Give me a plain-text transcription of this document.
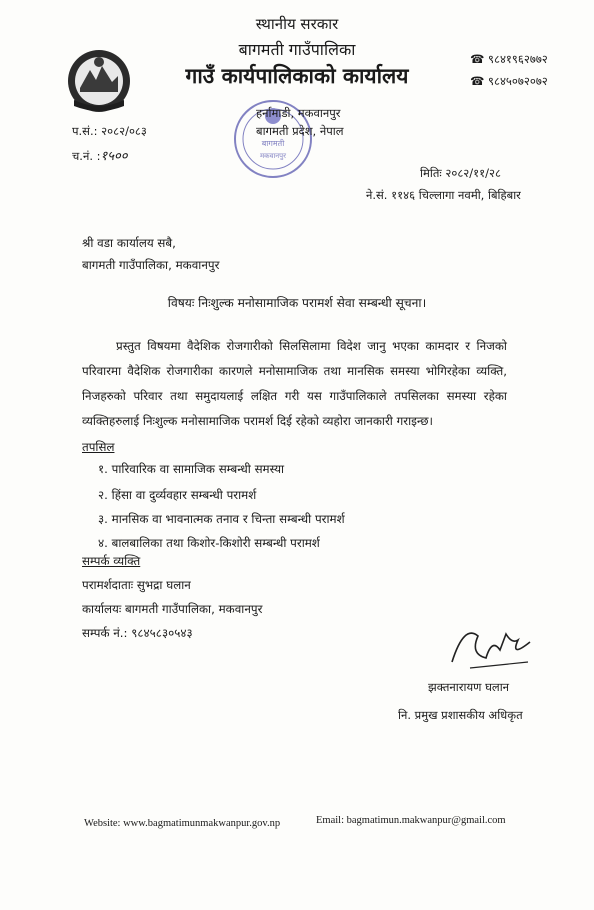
बागमती
मकवानपुर
स्थानीय सरकार
बागमती गाउँपालिका
गाउँ कार्यपालिकाको कार्यालय
हर्नामाडी, मकवानपुर
बागमती प्रदेश, नेपाल
☎ ९८४१९६२७७२
☎ ९८४५०७२०७२
प.सं.: २०८२/०८३
च.नं. :१५००
मितिः २०८२/११/२८
ने.सं. ११४६ चिल्लागा नवमी, बिहिबार
श्री वडा कार्यालय सबै,
बागमती गाउँपालिका, मकवानपुर
विषयः निःशुल्क मनोसामाजिक परामर्श सेवा सम्बन्धी सूचना।
प्रस्तुत विषयमा वैदेशिक रोजगारीको सिलसिलामा विदेश जानु भएका कामदार र निजको परिवारमा वैदेशिक रोजगारीका कारणले मनोसामाजिक तथा मानसिक समस्या भोगिरहेका व्यक्ति, निजहरुको परिवार तथा समुदायलाई लक्षित गरी यस गाउँपालिकाले तपसिलका समस्या रहेका व्यक्तिहरुलाई निःशुल्क मनोसामाजिक परामर्श दिई रहेको व्यहोरा जानकारी गराइन्छ।
तपसिल
१. पारिवारिक वा सामाजिक सम्बन्धी समस्या
२. हिंसा वा दुर्व्यवहार सम्बन्धी परामर्श
३. मानसिक वा भावनात्मक तनाव र चिन्ता सम्बन्धी परामर्श
४. बालबालिका तथा किशोर-किशोरी सम्बन्धी परामर्श
सम्पर्क व्यक्ति
परामर्शदाताः सुभद्रा घलान
कार्यालयः बागमती गाउँपालिका, मकवानपुर
सम्पर्क नं.: ९८४५८३०५४३
झक्तनारायण घलान
नि. प्रमुख प्रशासकीय अधिकृत
Website: www.bagmatimunmakwanpur.gov.np	Email: bagmatimun.makwanpur@gmail.com
